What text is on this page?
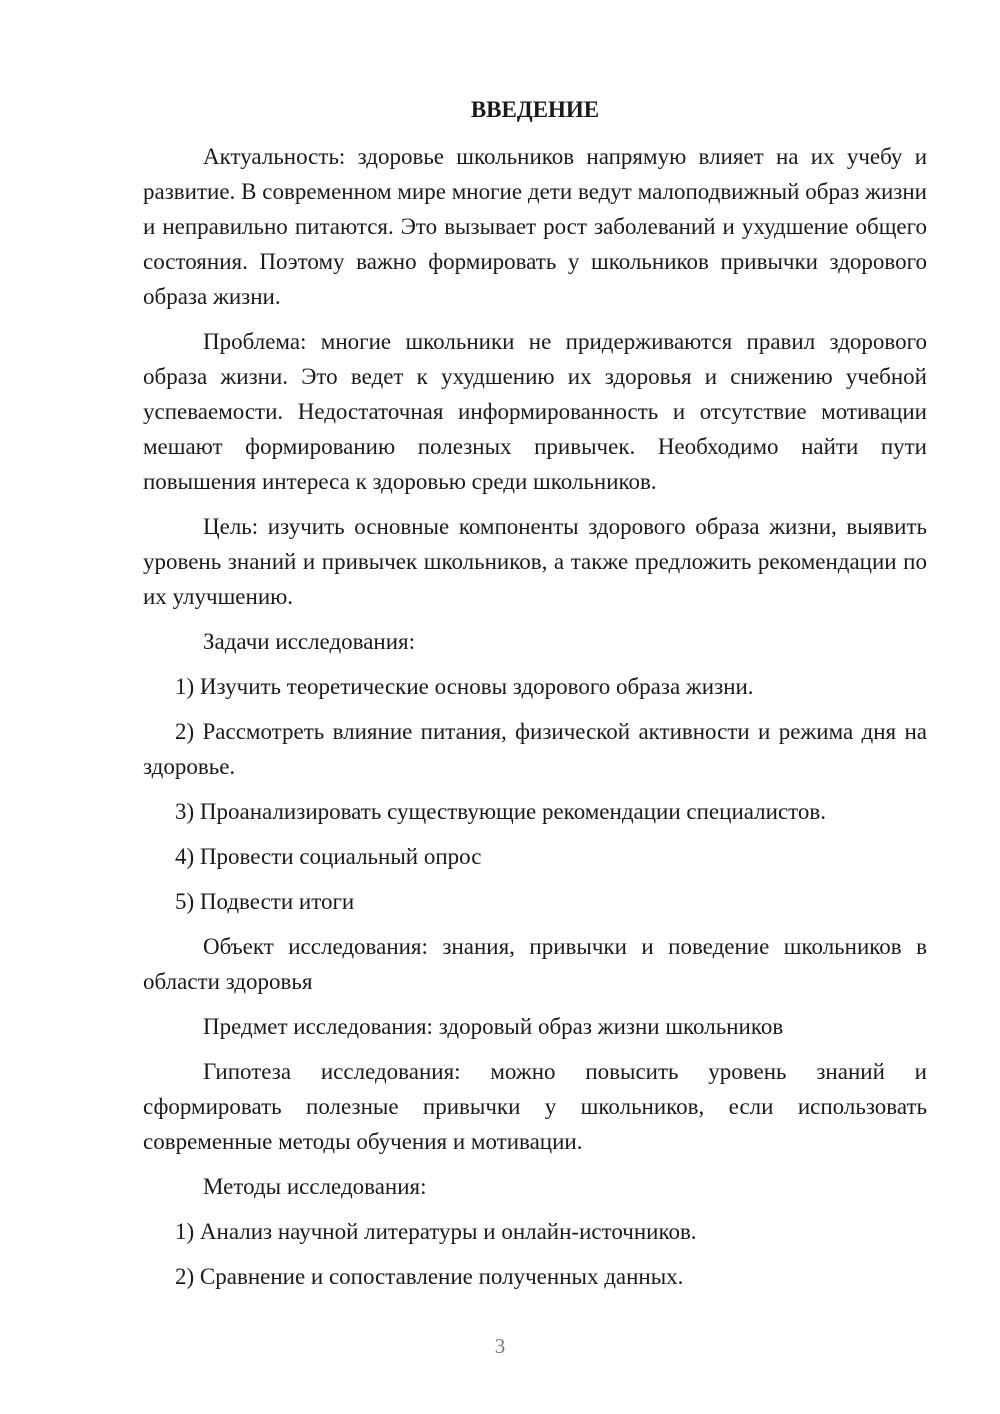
ВВЕДЕНИЕ

Актуальность: здоровье школьников напрямую влияет на их учебу и развитие. В современном мире многие дети ведут малоподвижный образ жизни и неправильно питаются. Это вызывает рост заболеваний и ухудшение общего состояния. Поэтому важно формировать у школьников привычки здорового образа жизни.

Проблема: многие школьники не придерживаются правил здорового образа жизни. Это ведет к ухудшению их здоровья и снижению учебной успеваемости. Недостаточная информированность и отсутствие мотивации мешают формированию полезных привычек. Необходимо найти пути повышения интереса к здоровью среди школьников.

Цель: изучить основные компоненты здорового образа жизни, выявить уровень знаний и привычек школьников, а также предложить рекомендации по их улучшению.

Задачи исследования:

1) Изучить теоретические основы здорового образа жизни.

2) Рассмотреть влияние питания, физической активности и режима дня на здоровье.

3) Проанализировать существующие рекомендации специалистов.

4) Провести социальный опрос

5) Подвести итоги

Объект исследования: знания, привычки и поведение школьников в области здоровья

Предмет исследования: здоровый образ жизни школьников

Гипотеза исследования: можно повысить уровень знаний и сформировать полезные привычки у школьников, если использовать современные методы обучения и мотивации.

Методы исследования:

1) Анализ научной литературы и онлайн-источников.

2) Сравнение и сопоставление полученных данных.

3
